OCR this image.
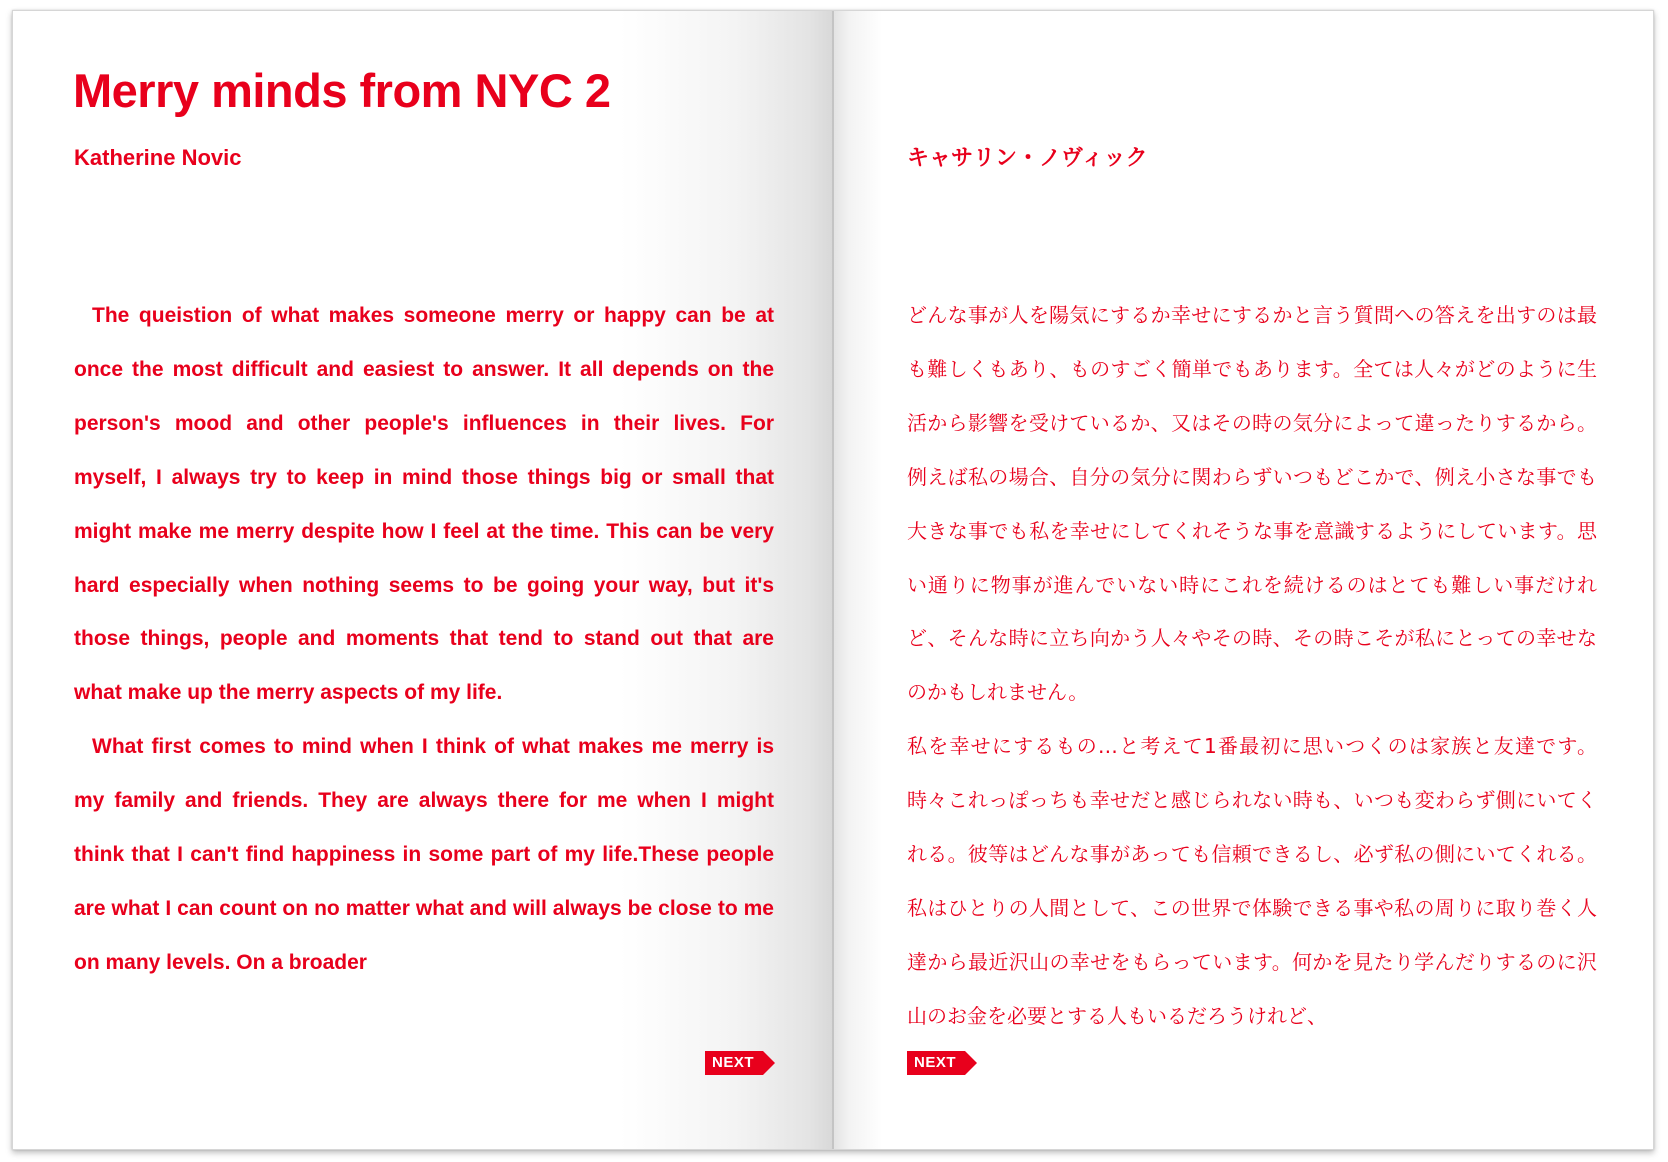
Merry minds from NYC 2
Katherine Novic

The queistion of what makes someone merry or happy can be at once the most difficult and easiest to answer. It all depends on the person's mood and other people's influences in their lives. For myself, I always try to keep in mind those things big or small that might make me merry despite how I feel at the time. This can be very hard especially when nothing seems to be going your way, but it's those things, people and moments that tend to stand out that are what make up the merry aspects of my life.

What first comes to mind when I think of what makes me merry is my family and friends. They are always there for me when I might think that I can't find happiness in some part of my life.These people are what I can count on no matter what and will always be close to me on many levels. On a broader

NEXT
キャサリン・ノヴィック

どんな事が人を陽気にするか幸せにするかと言う質問への答えを出すのは最も難しくもあり、ものすごく簡単でもあります。全ては人々がどのように生活から影響を受けているか、又はその時の気分によって違ったりするから。例えば私の場合、自分の気分に関わらずいつもどこかで、例え小さな事でも大きな事でも私を幸せにしてくれそうな事を意識するようにしています。思い通りに物事が進んでいない時にこれを続けるのはとても難しい事だけれど、そんな時に立ち向かう人々やその時、その時こそが私にとっての幸せなのかもしれません。

私を幸せにするもの…と考えて1番最初に思いつくのは家族と友達です。時々これっぽっちも幸せだと感じられない時も、いつも変わらず側にいてくれる。彼等はどんな事があっても信頼できるし、必ず私の側にいてくれる。私はひとりの人間として、この世界で体験できる事や私の周りに取り巻く人達から最近沢山の幸せをもらっています。何かを見たり学んだりするのに沢山のお金を必要とする人もいるだろうけれど、

NEXT
